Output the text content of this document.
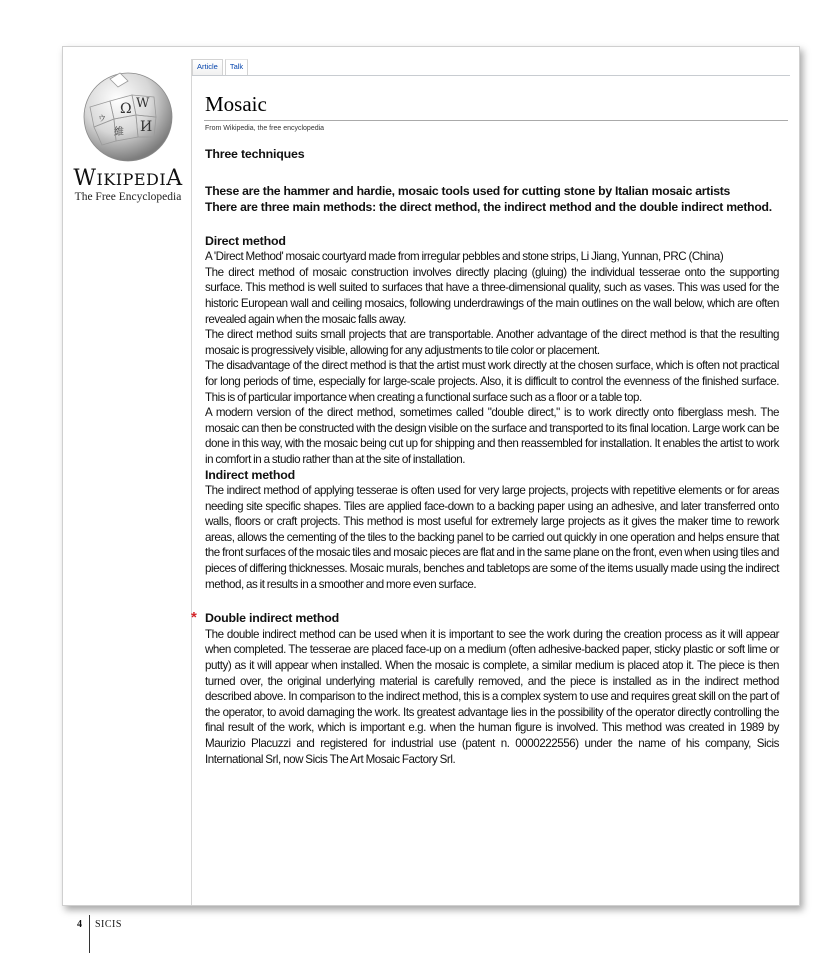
Ω W
И
維
ウ
WIKIPEDIA
The Free Encyclopedia
Article	Talk
Mosaic
From Wikipedia, the free encyclopedia

Three techniques

These are the hammer and hardie, mosaic tools used for cutting stone by Italian mosaic artists

There are three main methods: the direct method, the indirect method and the double indirect method.

Direct method

A 'Direct Method' mosaic courtyard made from irregular pebbles and stone strips, Li Jiang, Yunnan, PRC (China)

The direct method of mosaic construction involves directly placing (gluing) the individual tesserae onto the supporting surface. This method is well suited to surfaces that have a three-dimensional quality, such as vases. This was used for the historic European wall and ceiling mosaics, following underdrawings of the main outlines on the wall below, which are often revealed again when the mosaic falls away.

The direct method suits small projects that are transportable. Another advantage of the direct method is that the resulting mosaic is progressively visible, allowing for any adjustments to tile color or placement.

The disadvantage of the direct method is that the artist must work directly at the chosen surface, which is often not practical for long periods of time, especially for large-scale projects. Also, it is difficult to control the evenness of the finished surface. This is of particular importance when creating a functional surface such as a floor or a table top.

A modern version of the direct method, sometimes called "double direct," is to work directly onto fiberglass mesh. The mosaic can then be constructed with the design visible on the surface and transported to its final location. Large work can be done in this way, with the mosaic being cut up for shipping and then reassembled for installation. It enables the artist to work in comfort in a studio rather than at the site of installation.

Indirect method

The indirect method of applying tesserae is often used for very large projects, projects with repetitive elements or for areas needing site specific shapes. Tiles are applied face-down to a backing paper using an adhesive, and later transferred onto walls, floors or craft projects. This method is most useful for extremely large projects as it gives the maker time to rework areas, allows the cementing of the tiles to the backing panel to be carried out quickly in one operation and helps ensure that the front surfaces of the mosaic tiles and mosaic pieces are flat and in the same plane on the front, even when using tiles and pieces of differing thicknesses. Mosaic murals, benches and tabletops are some of the items usually made using the indirect method, as it results in a smoother and more even surface.

* Double indirect method

The double indirect method can be used when it is important to see the work during the creation process as it will appear when completed. The tesserae are placed face-up on a medium (often adhesive-backed paper, sticky plastic or soft lime or putty) as it will appear when installed. When the mosaic is complete, a similar medium is placed atop it. The piece is then turned over, the original underlying material is carefully removed, and the piece is installed as in the indirect method described above. In comparison to the indirect method, this is a complex system to use and requires great skill on the part of the operator, to avoid damaging the work. Its greatest advantage lies in the possibility of the operator directly controlling the final result of the work, which is important e.g. when the human figure is involved. This method was created in 1989 by Maurizio Placuzzi and registered for industrial use (patent n. 0000222556) under the name of his company, Sicis International Srl, now Sicis The Art Mosaic Factory Srl.

4 SICIS
